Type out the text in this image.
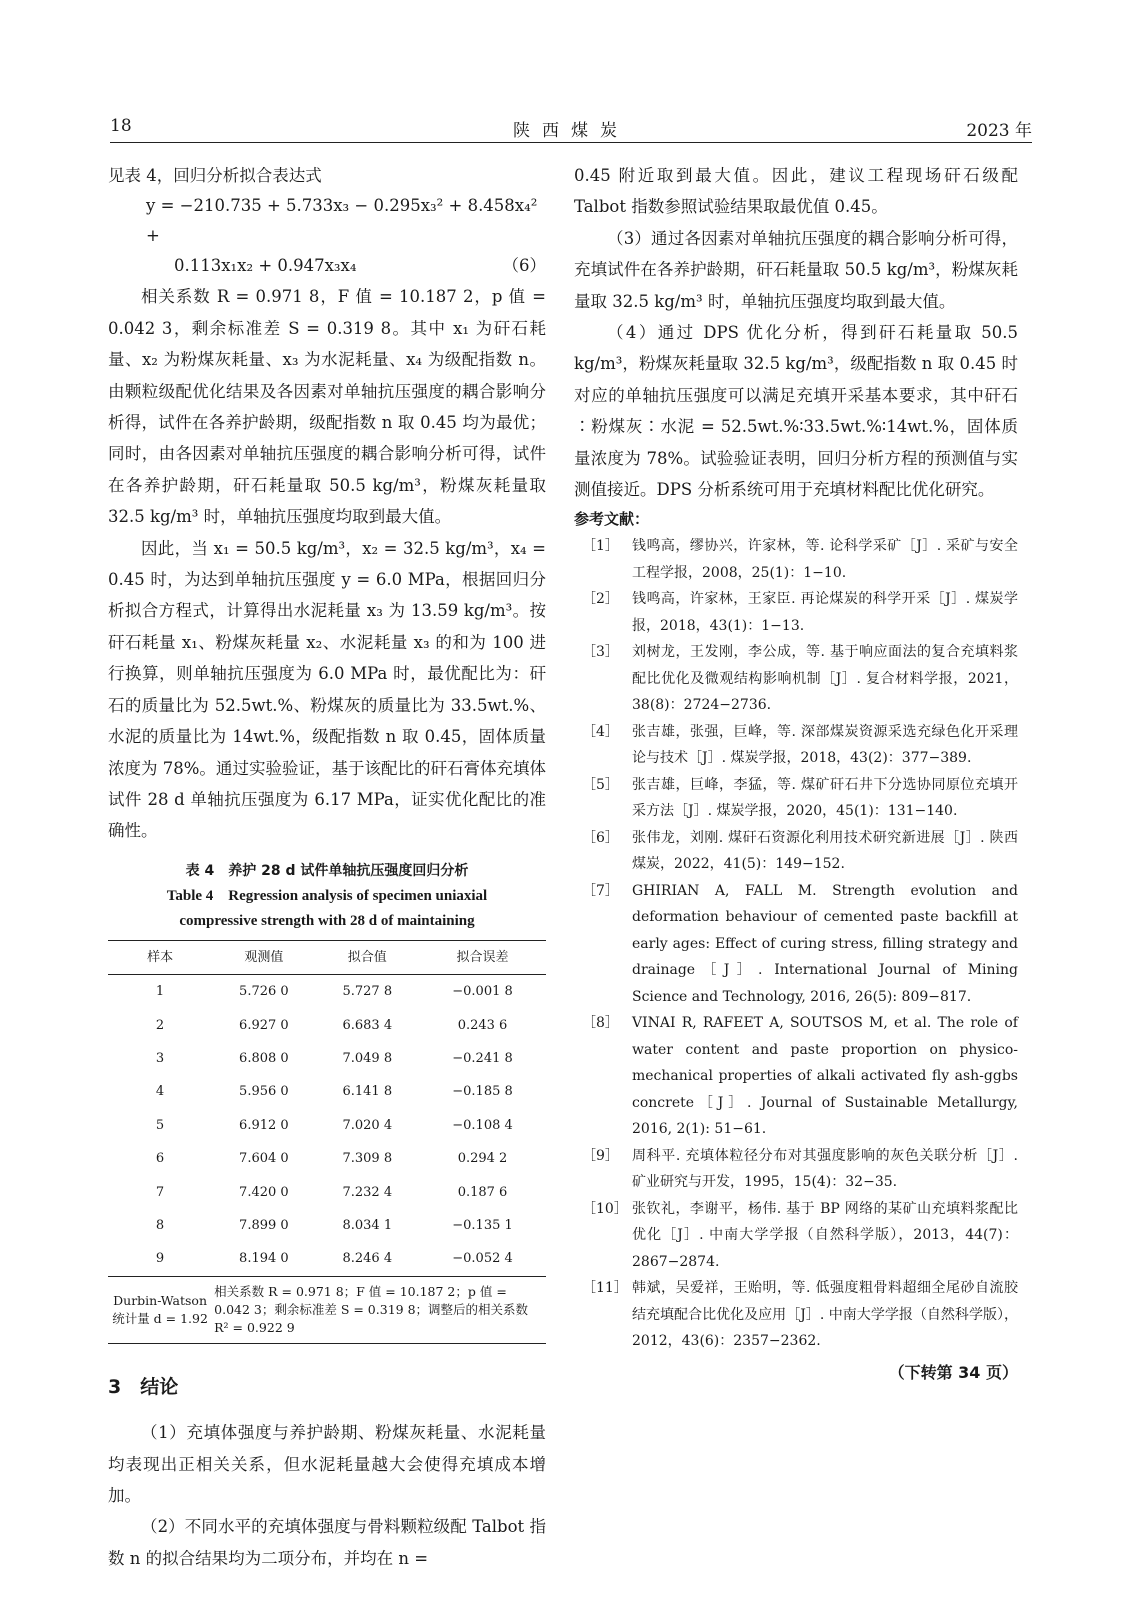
18	陕西煤炭	2023 年

见表 4，回归分析拟合表达式

y = −210.735 + 5.733x₃ − 0.295x₃² + 8.458x₄² +
（6）
0.113x₁x₂ + 0.947x₃x₄

相关系数 R = 0.971 8，F 值 = 10.187 2，p 值 = 0.042 3，剩余标准差 S = 0.319 8。其中 x₁ 为矸石耗量、x₂ 为粉煤灰耗量、x₃ 为水泥耗量、x₄ 为级配指数 n。由颗粒级配优化结果及各因素对单轴抗压强度的耦合影响分析得，试件在各养护龄期，级配指数 n 取 0.45 均为最优；同时，由各因素对单轴抗压强度的耦合影响分析可得，试件在各养护龄期，矸石耗量取 50.5 kg/m³，粉煤灰耗量取 32.5 kg/m³ 时，单轴抗压强度均取到最大值。

因此，当 x₁ = 50.5 kg/m³，x₂ = 32.5 kg/m³，x₄ = 0.45 时，为达到单轴抗压强度 y = 6.0 MPa，根据回归分析拟合方程式，计算得出水泥耗量 x₃ 为 13.59 kg/m³。按矸石耗量 x₁、粉煤灰耗量 x₂、水泥耗量 x₃ 的和为 100 进行换算，则单轴抗压强度为 6.0 MPa 时，最优配比为：矸石的质量比为 52.5wt.%、粉煤灰的质量比为 33.5wt.%、水泥的质量比为 14wt.%，级配指数 n 取 0.45，固体质量浓度为 78%。通过实验验证，基于该配比的矸石膏体充填体试件 28 d 单轴抗压强度为 6.17 MPa，证实优化配比的准确性。

表 4　养护 28 d 试件单轴抗压强度回归分析
Table 4　Regression analysis of specimen uniaxial
compressive strength with 28 d of maintaining
样本	观测值	拟合值	拟合误差
1	5.726 0	5.727 8	−0.001 8
2	6.927 0	6.683 4	0.243 6
3	6.808 0	7.049 8	−0.241 8
4	5.956 0	6.141 8	−0.185 8
5	6.912 0	7.020 4	−0.108 4
6	7.604 0	7.309 8	0.294 2
7	7.420 0	7.232 4	0.187 6
8	7.899 0	8.034 1	−0.135 1
9	8.194 0	8.246 4	−0.052 4
Durbin-Watson 统计量 d = 1.92	相关系数 R = 0.971 8；F 值 = 10.187 2；p 值 = 0.042 3；剩余标准差 S = 0.319 8；调整后的相关系数 R² = 0.922 9		
3　结论

（1）充填体强度与养护龄期、粉煤灰耗量、水泥耗量均表现出正相关关系，但水泥耗量越大会使得充填成本增加。

（2）不同水平的充填体强度与骨料颗粒级配 Talbot 指数 n 的拟合结果均为二项分布，并均在 n =

0.45 附近取到最大值。因此，建议工程现场矸石级配 Talbot 指数参照试验结果取最优值 0.45。

（3）通过各因素对单轴抗压强度的耦合影响分析可得，充填试件在各养护龄期，矸石耗量取 50.5 kg/m³，粉煤灰耗量取 32.5 kg/m³ 时，单轴抗压强度均取到最大值。

（4）通过 DPS 优化分析，得到矸石耗量取 50.5 kg/m³，粉煤灰耗量取 32.5 kg/m³，级配指数 n 取 0.45 时对应的单轴抗压强度可以满足充填开采基本要求，其中矸石∶粉煤灰∶水泥 = 52.5wt.%∶33.5wt.%∶14wt.%，固体质量浓度为 78%。试验验证表明，回归分析方程的预测值与实测值接近。DPS 分析系统可用于充填材料配比优化研究。

参考文献：
［1］ 钱鸣高，缪协兴，许家林，等. 论科学采矿［J］. 采矿与安全工程学报，2008，25(1)：1−10.
［2］ 钱鸣高，许家林，王家臣. 再论煤炭的科学开采［J］. 煤炭学报，2018，43(1)：1−13.
［3］ 刘树龙，王发刚，李公成，等. 基于响应面法的复合充填料浆配比优化及微观结构影响机制［J］. 复合材料学报，2021，38(8)：2724−2736.
［4］ 张吉雄，张强，巨峰，等. 深部煤炭资源采选充绿色化开采理论与技术［J］. 煤炭学报，2018，43(2)：377−389.
［5］ 张吉雄，巨峰，李猛，等. 煤矿矸石井下分选协同原位充填开采方法［J］. 煤炭学报，2020，45(1)：131−140.
［6］ 张伟龙，刘刚. 煤矸石资源化利用技术研究新进展［J］. 陕西煤炭，2022，41(5)：149−152.
［7］ GHIRIAN A, FALL M. Strength evolution and deformation behaviour of cemented paste backfill at early ages: Effect of curing stress, filling strategy and drainage［J］. International Journal of Mining Science and Technology, 2016, 26(5): 809−817.
［8］ VINAI R, RAFEET A, SOUTSOS M, et al. The role of water content and paste proportion on physico-mechanical properties of alkali activated fly ash-ggbs concrete［J］. Journal of Sustainable Metallurgy, 2016, 2(1): 51−61.
［9］ 周科平. 充填体粒径分布对其强度影响的灰色关联分析［J］. 矿业研究与开发，1995，15(4)：32−35.
［10］ 张钦礼，李谢平，杨伟. 基于 BP 网络的某矿山充填料浆配比优化［J］. 中南大学学报（自然科学版），2013，44(7)：2867−2874.
［11］ 韩斌，吴爱祥，王贻明，等. 低强度粗骨料超细全尾砂自流胶结充填配合比优化及应用［J］. 中南大学学报（自然科学版），2012，43(6)：2357−2362.
（下转第 34 页）
